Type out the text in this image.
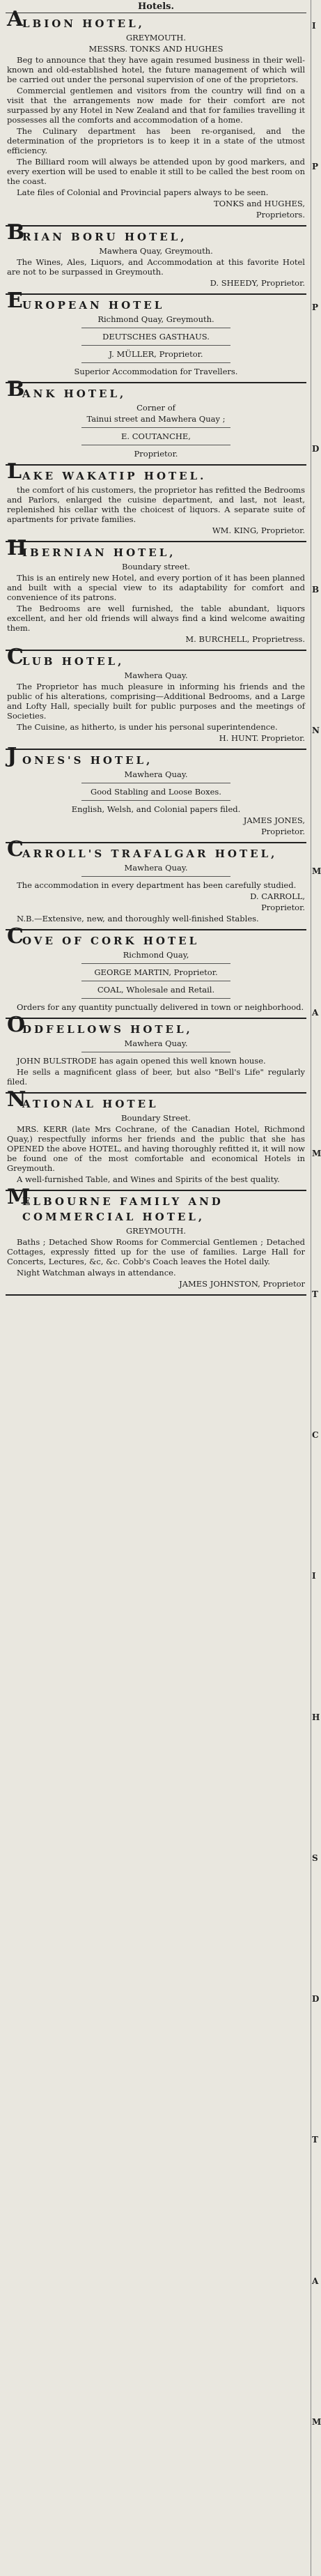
Hotels.
A
LBION HOTEL,
GREYMOUTH.
MESSRS. TONKS AND HUGHES
Beg to announce that they have again resumed business in their well-known and old-established hotel, the future management of which will be carried out under the personal supervision of one of the proprietors.
Commercial gentlemen and visitors from the country will find on a visit that the arrangements now made for their comfort are not surpassed by any Hotel in New Zealand and that for families travelling it possesses all the comforts and accommodation of a home.
The Culinary department has been re-organised, and the determination of the proprietors is to keep it in a state of the utmost efficiency.
The Billiard room will always be attended upon by good markers, and every exertion will be used to enable it still to be called the best room on the coast.
Late files of Colonial and Provincial papers always to be seen.
TONKS and HUGHES,
Proprietors.
B
RIAN BORU HOTEL,
Mawhera Quay, Greymouth.
The Wines, Ales, Liquors, and Accommodation at this favorite Hotel are not to be surpassed in Greymouth.
D. SHEEDY, Proprietor.
E UROPEAN HOTEL
Richmond Quay, Greymouth.
DEUTSCHES GASTHAUS.
J. MÜLLER, Proprietor.
Superior Accommodation for Travellers.
B
ANK HOTEL,
Corner of
Tainui street and Mawhera Quay ;
E. COUTANCHE,
Proprietor.
L AKE WAKATIP HOTEL.
the comfort of his customers, the proprietor has refitted the Bedrooms and Parlors, enlarged the cuisine department, and last, not least, replenished his cellar with the choicest of liquors. A separate suite of apartments for private families.
WM. KING, Proprietor.
H
IBERNIAN HOTEL,
Boundary street.
This is an entirely new Hotel, and every portion of it has been planned and built with a special view to its adaptability for comfort and convenience of its patrons.
The Bedrooms are well furnished, the table abundant, liquors excellent, and her old friends will always find a kind welcome awaiting them.
M. BURCHELL, Proprietress.
C
LUB HOTEL,
Mawhera Quay.
The Proprietor has much pleasure in informing his friends and the public of his alterations, comprising—Additional Bedrooms, and a Large and Lofty Hall, specially built for public purposes and the meetings of Societies.
The Cuisine, as hitherto, is under his personal superintendence.
H. HUNT. Proprietor.
J ONES'S HOTEL,
Mawhera Quay.
Good Stabling and Loose Boxes.
English, Welsh, and Colonial papers filed.
JAMES JONES,
Proprietor.
C
ARROLL'S TRAFALGAR HOTEL,
Mawhera Quay.
The accommodation in every department has been carefully studied.
D. CARROLL,
Proprietor.
N.B.—Extensive, new, and thoroughly well-finished Stables.
C
OVE OF CORK HOTEL
Richmond Quay,
GEORGE MARTIN, Proprietor.
COAL, Wholesale and Retail.
Orders for any quantity punctually delivered in town or neighborhood.
O
DDFELLOWS HOTEL,
Mawhera Quay.
JOHN BULSTRODE has again opened this well known house.
He sells a magnificent glass of beer, but also "Bell's Life" regularly filed.
N
ATIONAL HOTEL
Boundary Street.
MRS. KERR (late Mrs Cochrane, of the Canadian Hotel, Richmond Quay,) respectfully informs her friends and the public that she has OPENED the above HOTEL, and having thoroughly refitted it, it will now be found one of the most comfortable and economical Hotels in Greymouth.
A well-furnished Table, and Wines and Spirits of the best quality.
M
ELBOURNE FAMILY AND COMMERCIAL HOTEL,
GREYMOUTH.
Baths ; Detached Show Rooms for Commercial Gentlemen ; Detached Cottages, expressly fitted up for the use of families. Large Hall for Concerts, Lectures, &c, &c. Cobb's Coach leaves the Hotel daily.
Night Watchman always in attendance.
JAMES JOHNSTON, Proprietor
I
P
P
D
B
N
M
A
M
T
C
I
H
S
D
T
A
M
